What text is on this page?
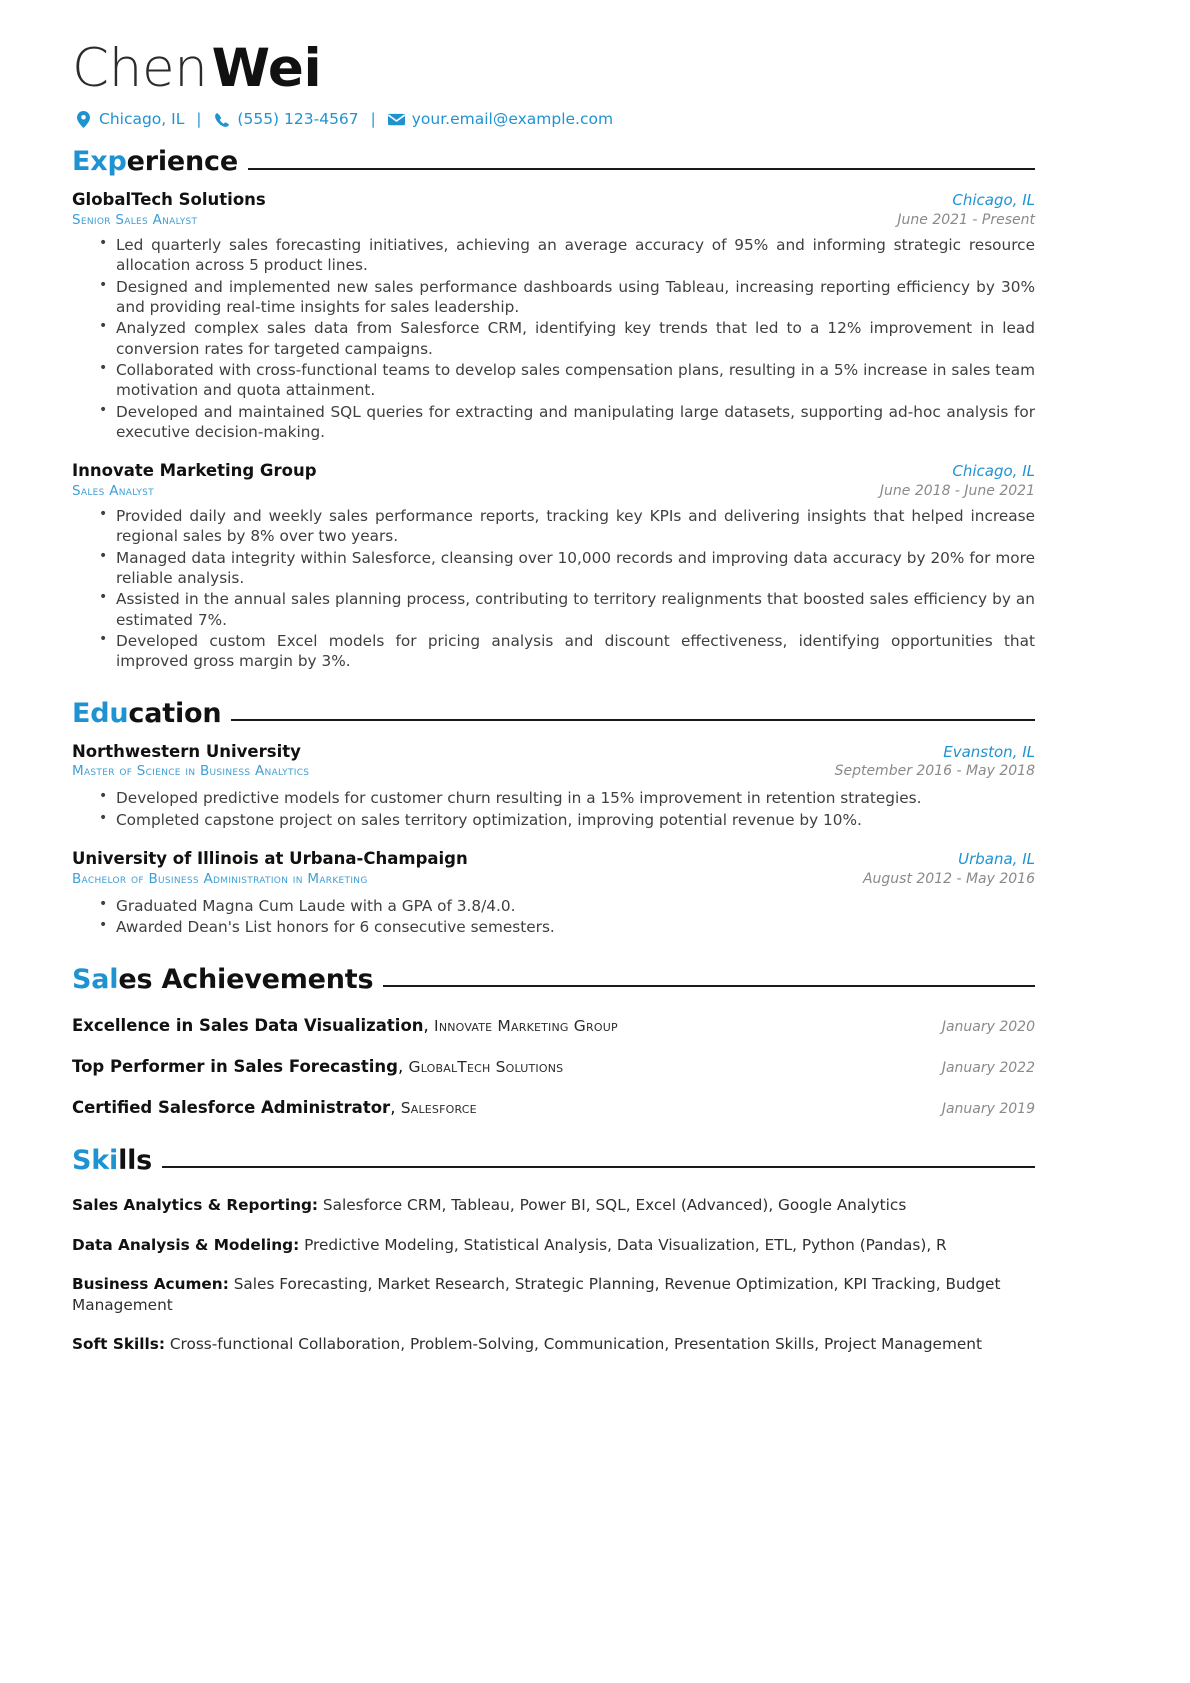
ChenWei
Chicago, IL | (555) 123-4567 | your.email@example.com
Experience
GlobalTech Solutions	Chicago, IL
Senior Sales Analyst	June 2021 - Present
• Led quarterly sales forecasting initiatives, achieving an average accuracy of 95% and informing strategic resource allocation across 5 product lines.
• Designed and implemented new sales performance dashboards using Tableau, increasing reporting efficiency by 30% and providing real-time insights for sales leadership.
• Analyzed complex sales data from Salesforce CRM, identifying key trends that led to a 12% improvement in lead conversion rates for targeted campaigns.
• Collaborated with cross-functional teams to develop sales compensation plans, resulting in a 5% increase in sales team motivation and quota attainment.
• Developed and maintained SQL queries for extracting and manipulating large datasets, supporting ad-hoc analysis for executive decision-making.
Innovate Marketing Group	Chicago, IL
Sales Analyst	June 2018 - June 2021
• Provided daily and weekly sales performance reports, tracking key KPIs and delivering insights that helped increase regional sales by 8% over two years.
• Managed data integrity within Salesforce, cleansing over 10,000 records and improving data accuracy by 20% for more reliable analysis.
• Assisted in the annual sales planning process, contributing to territory realignments that boosted sales efficiency by an estimated 7%.
• Developed custom Excel models for pricing analysis and discount effectiveness, identifying opportunities that improved gross margin by 3%.
Education
Northwestern University	Evanston, IL
Master of Science in Business Analytics	September 2016 - May 2018
• Developed predictive models for customer churn resulting in a 15% improvement in retention strategies.
• Completed capstone project on sales territory optimization, improving potential revenue by 10%.
University of Illinois at Urbana-Champaign	Urbana, IL
Bachelor of Business Administration in Marketing	August 2012 - May 2016
• Graduated Magna Cum Laude with a GPA of 3.8/4.0.
• Awarded Dean's List honors for 6 consecutive semesters.
Sales Achievements
Excellence in Sales Data Visualization, Innovate Marketing Group	January 2020
Top Performer in Sales Forecasting, GlobalTech Solutions	January 2022
Certified Salesforce Administrator, Salesforce	January 2019
Skills
Sales Analytics & Reporting: Salesforce CRM, Tableau, Power BI, SQL, Excel (Advanced), Google Analytics
Data Analysis & Modeling: Predictive Modeling, Statistical Analysis, Data Visualization, ETL, Python (Pandas), R
Business Acumen: Sales Forecasting, Market Research, Strategic Planning, Revenue Optimization, KPI Tracking, Budget Management
Soft Skills: Cross-functional Collaboration, Problem-Solving, Communication, Presentation Skills, Project Management
